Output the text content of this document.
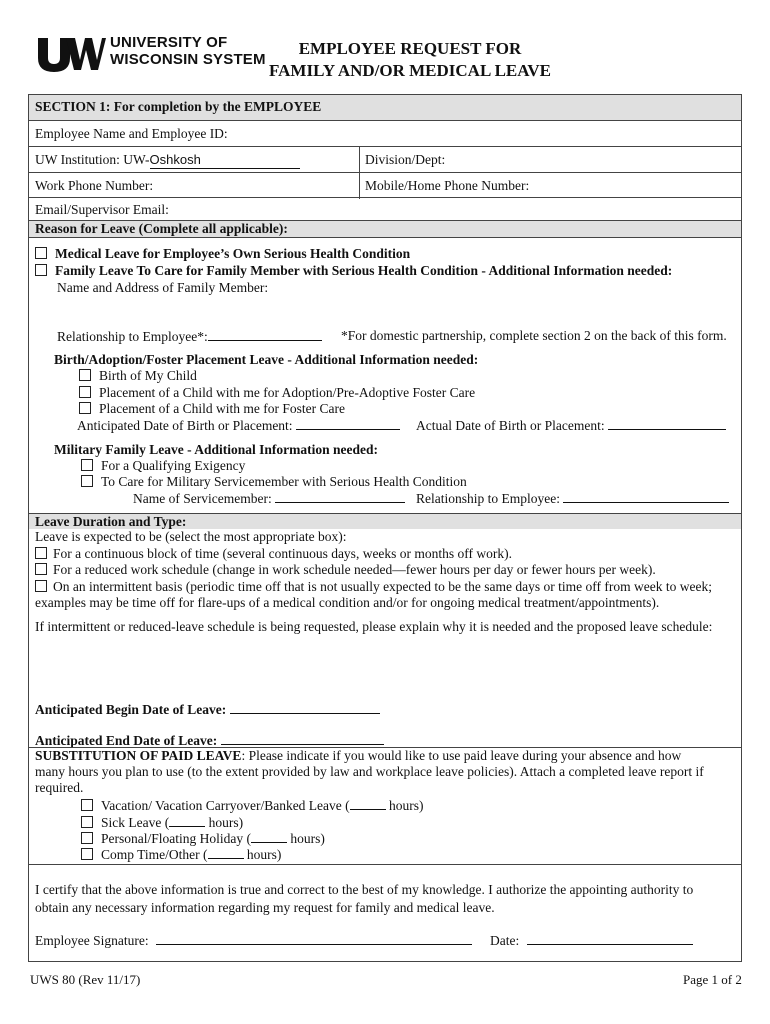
UNIVERSITY OF
WISCONSIN SYSTEM
EMPLOYEE REQUEST FOR
FAMILY AND/OR MEDICAL LEAVE
SECTION 1: For completion by the EMPLOYEE
Employee Name and Employee ID:
UW Institution: UW-Oshkosh	Division/Dept:
Work Phone Number:	Mobile/Home Phone Number:
Email/Supervisor Email:
Reason for Leave (Complete all applicable):
Medical Leave for Employee’s Own Serious Health Condition
Family Leave To Care for Family Member with Serious Health Condition - Additional Information needed:
Name and Address of Family Member:
Relationship to Employee*:	*For domestic partnership, complete section 2 on the back of this form.
Birth/Adoption/Foster Placement Leave - Additional Information needed:
Birth of My Child
Placement of a Child with me for Adoption/Pre-Adoptive Foster Care
Placement of a Child with me for Foster Care
Anticipated Date of Birth or Placement:	Actual Date of Birth or Placement:
Military Family Leave - Additional Information needed:
For a Qualifying Exigency
To Care for Military Servicemember with Serious Health Condition
Name of Servicemember:	Relationship to Employee:
Leave Duration and Type:
Leave is expected to be (select the most appropriate box):
For a continuous block of time (several continuous days, weeks or months off work).
For a reduced work schedule (change in work schedule needed—fewer hours per day or fewer hours per week).
On an intermittent basis (periodic time off that is not usually expected to be the same days or time off from week to week;
examples may be time off for flare-ups of a medical condition and/or for ongoing medical treatment/appointments).
If intermittent or reduced-leave schedule is being requested, please explain why it is needed and the proposed leave schedule:
Anticipated Begin Date of Leave:
Anticipated End Date of Leave:
SUBSTITUTION OF PAID LEAVE: Please indicate if you would like to use paid leave during your absence and how
many hours you plan to use (to the extent provided by law and workplace leave policies). Attach a completed leave report if
required.
Vacation/ Vacation Carryover/Banked Leave (	hours)
Sick Leave (	hours)
Personal/Floating Holiday (	hours)
Comp Time/Other (	hours)
I certify that the above information is true and correct to the best of my knowledge. I authorize the appointing authority to
obtain any necessary information regarding my request for family and medical leave.
Employee Signature:	Date:
UWS 80 (Rev 11/17)	Page 1 of 2
